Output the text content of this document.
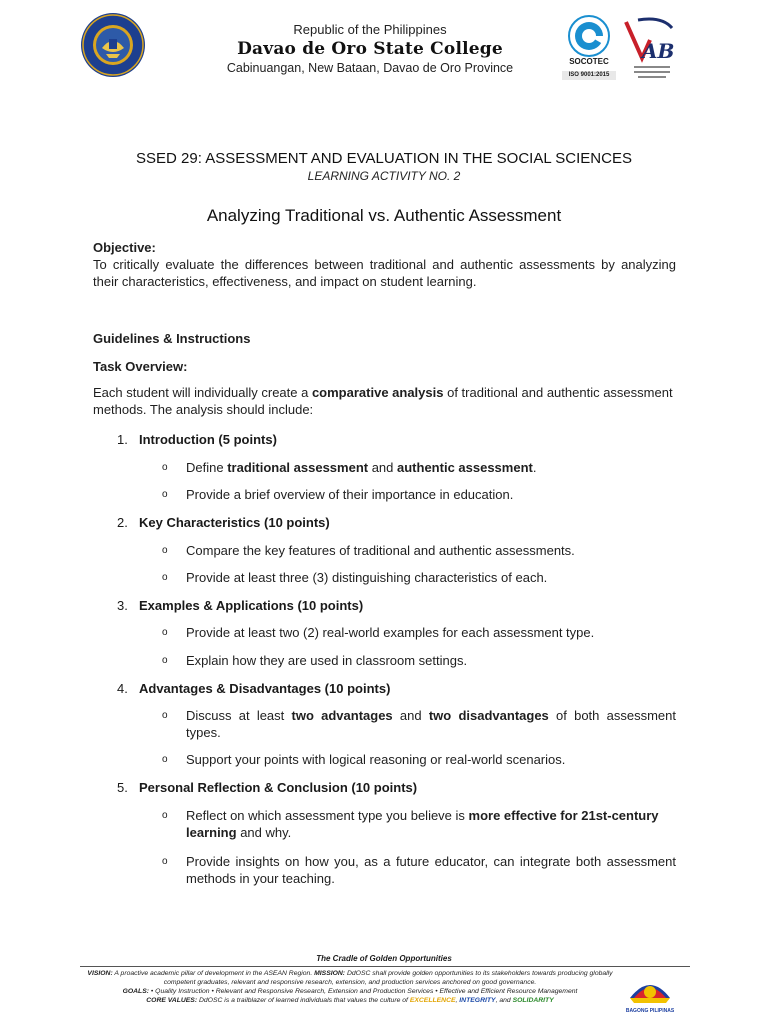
Republic of the Philippines
Davao de Oro State College
Cabinuangan, New Bataan, Davao de Oro Province	SOCOTEC
ISO 9001:2015
AB
SSED 29: ASSESSMENT AND EVALUATION IN THE SOCIAL SCIENCES
LEARNING ACTIVITY NO. 2
Analyzing Traditional vs. Authentic Assessment
Objective:
To critically evaluate the differences between traditional and authentic assessments by analyzing their characteristics, effectiveness, and impact on student learning.
Guidelines & Instructions
Task Overview:
Each student will individually create a comparative analysis of traditional and authentic assessment methods. The analysis should include:
1. Introduction (5 points)
o Define traditional assessment and authentic assessment.
o Provide a brief overview of their importance in education.
2. Key Characteristics (10 points)
o Compare the key features of traditional and authentic assessments.
o Provide at least three (3) distinguishing characteristics of each.
3. Examples & Applications (10 points)
o Provide at least two (2) real-world examples for each assessment type.
o Explain how they are used in classroom settings.
4. Advantages & Disadvantages (10 points)
o Discuss at least two advantages and two disadvantages of both assessment types.
o Support your points with logical reasoning or real-world scenarios.
5. Personal Reflection & Conclusion (10 points)
o Reflect on which assessment type you believe is more effective for 21st-century learning and why.
o Provide insights on how you, as a future educator, can integrate both assessment methods in your teaching.
The Cradle of Golden Opportunities
VISION: A proactive academic pillar of development in the ASEAN Region. MISSION: DdOSC shall provide golden opportunities to its stakeholders towards producing globally competent graduates, relevant and responsive research, extension, and production services anchored on good governance.
GOALS: • Quality Instruction • Relevant and Responsive Research, Extension and Production Services • Effective and Efficient Resource Management
CORE VALUES: DdOSC is a trailblazer of learned individuals that values the culture of EXCELLENCE, INTEGRITY, and SOLIDARITY
BAGONG PILIPINAS
